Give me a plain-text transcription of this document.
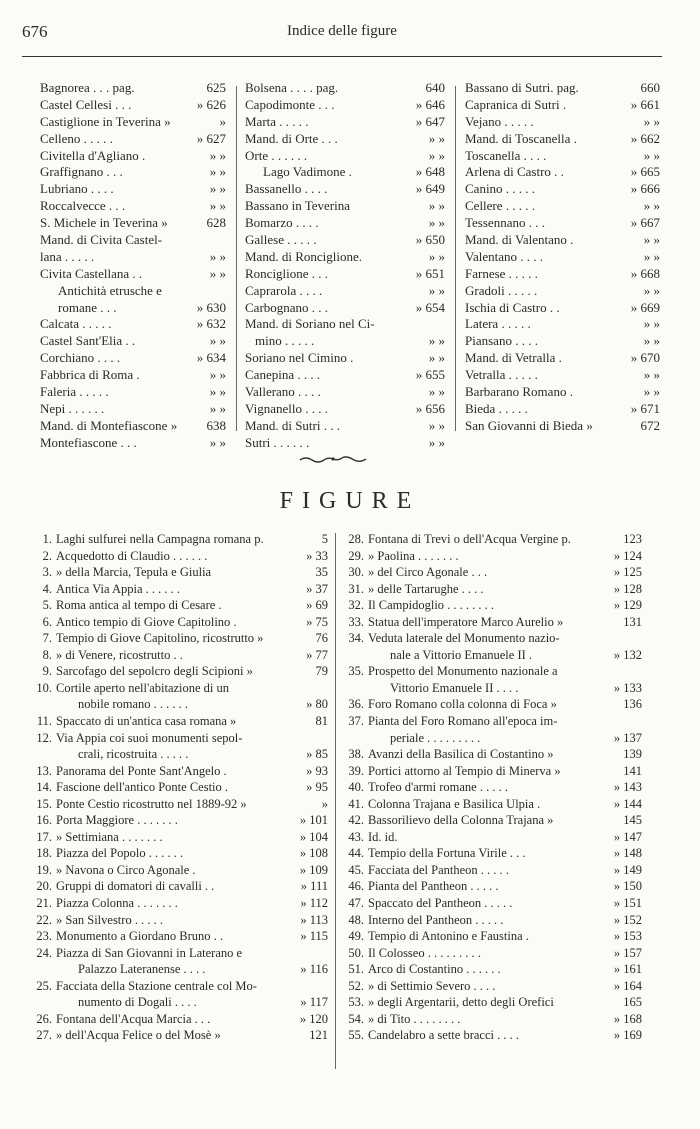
676	Indice delle figure
Bagnorea . . . pag.	625
Castel Cellesi . . .	» 626
Castiglione in Teverina »	»
Celleno . . . . .	» 627
Civitella d'Agliano .	» »
Graffignano . . .	» »
Lubriano . . . .	» »
Roccalvecce . . .	» »
S. Michele in Teverina »	628
Mand. di Civita Castel-
lana . . . . .	» »
Civita Castellana . .	» »
Antichità etrusche e
romane . . .	» 630
Calcata . . . . .	» 632
Castel Sant'Elia . .	» »
Corchiano . . . .	» 634
Fabbrica di Roma .	» »
Faleria . . . . .	» »
Nepi . . . . . .	» »
Mand. di Montefiascone » 638
Montefiascone . . .	» »
Bolsena . . . . pag.	640
Capodimonte . . .	» 646
Marta . . . . .	» 647
Mand. di Orte . . .	» »
Orte . . . . . .	» »
Lago Vadimone .	» 648
Bassanello . . . .	» 649
Bassano in Teverina	» »
Bomarzo . . . .	» »
Gallese . . . . .	» 650
Mand. di Ronciglione.	» »
Ronciglione . . .	» 651
Caprarola . . . .	» »
Carbognano . . .	» 654
Mand. di Soriano nel Ci-
mino . . . . .	» »
Soriano nel Cimino .	» »
Canepina . . . .	» 655
Vallerano . . . .	» »
Vignanello . . . .	» 656
Mand. di Sutri . . .	» »
Sutri . . . . . .	» »
Bassano di Sutri. pag.	660
Capranica di Sutri .	» 661
Vejano . . . . .	» »
Mand. di Toscanella .	» 662
Toscanella . . . .	» »
Arlena di Castro . .	» 665
Canino . . . . .	» 666
Cellere . . . . .	» »
Tessennano . . .	» 667
Mand. di Valentano .	» »
Valentano . . . .	» »
Farnese . . . . .	» 668
Gradoli . . . . .	» »
Ischia di Castro . .	» 669
Latera . . . . .	» »
Piansano . . . .	» »
Mand. di Vetralla .	» 670
Vetralla . . . . .	» »
Barbarano Romano .	» »
Bieda . . . . .	» 671
San Giovanni di Bieda »	672
FIGURE
1. Laghi sulfurei nella Campagna romana p.	5
2. Acquedotto di Claudio . . . . . .	» 33
3. » della Marcia, Tepula e Giulia	35
4. Antica Via Appia . . . . . .	» 37
5. Roma antica al tempo di Cesare .	» 69
6. Antico tempio di Giove Capitolino .	» 75
7. Tempio di Giove Capitolino, ricostrutto »	76
8. » di Venere, ricostrutto . .	» 77
9. Sarcofago del sepolcro degli Scipioni »	79
10. Cortile aperto nell'abitazione di un
nobile romano . . . . . .	» 80
11. Spaccato di un'antica casa romana »	81
12. Via Appia coi suoi monumenti sepol-
crali, ricostruita . . . . .	» 85
13. Panorama del Ponte Sant'Angelo .	» 93
14. Fascione dell'antico Ponte Cestio .	» 95
15. Ponte Cestio ricostrutto nel 1889-92 »	»
16. Porta Maggiore . . . . . . .	» 101
17. » Settimiana . . . . . . .	» 104
18. Piazza del Popolo . . . . . .	» 108
19. » Navona o Circo Agonale .	» 109
20. Gruppi di domatori di cavalli . .	» 111
21. Piazza Colonna . . . . . . .	» 112
22. » San Silvestro . . . . .	» 113
23. Monumento a Giordano Bruno . .	» 115
24. Piazza di San Giovanni in Laterano e
Palazzo Lateranense . . . .	» 116
25. Facciata della Stazione centrale col Mo-
numento di Dogali . . . .	» 117
26. Fontana dell'Acqua Marcia . . .	» 120
27. » dell'Acqua Felice o del Mosè »	121
28. Fontana di Trevi o dell'Acqua Vergine p.	123
29. » Paolina . . . . . . .	» 124
30. » del Circo Agonale . . .	» 125
31. » delle Tartarughe . . . .	» 128
32. Il Campidoglio . . . . . . . .	» 129
33. Statua dell'imperatore Marco Aurelio »	131
34. Veduta laterale del Monumento nazio-
nale a Vittorio Emanuele II .	» 132
35. Prospetto del Monumento nazionale a
Vittorio Emanuele II . . . .	» 133
36. Foro Romano colla colonna di Foca »	136
37. Pianta del Foro Romano all'epoca im-
periale . . . . . . . . .	» 137
38. Avanzi della Basilica di Costantino »	139
39. Portici attorno al Tempio di Minerva »	141
40. Trofeo d'armi romane . . . . .	» 143
41. Colonna Trajana e Basilica Ulpia .	» 144
42. Bassorilievo della Colonna Trajana »	145
43. Id. id.	» 147
44. Tempio della Fortuna Virile . . .	» 148
45. Facciata del Pantheon . . . . .	» 149
46. Pianta del Pantheon . . . . .	» 150
47. Spaccato del Pantheon . . . . .	» 151
48. Interno del Pantheon . . . . .	» 152
49. Tempio di Antonino e Faustina .	» 153
50. Il Colosseo . . . . . . . . .	» 157
51. Arco di Costantino . . . . . .	» 161
52. » di Settimio Severo . . . .	» 164
53. » degli Argentarii, detto degli Orefici	165
54. » di Tito . . . . . . . .	» 168
55. Candelabro a sette bracci . . . .	» 169
